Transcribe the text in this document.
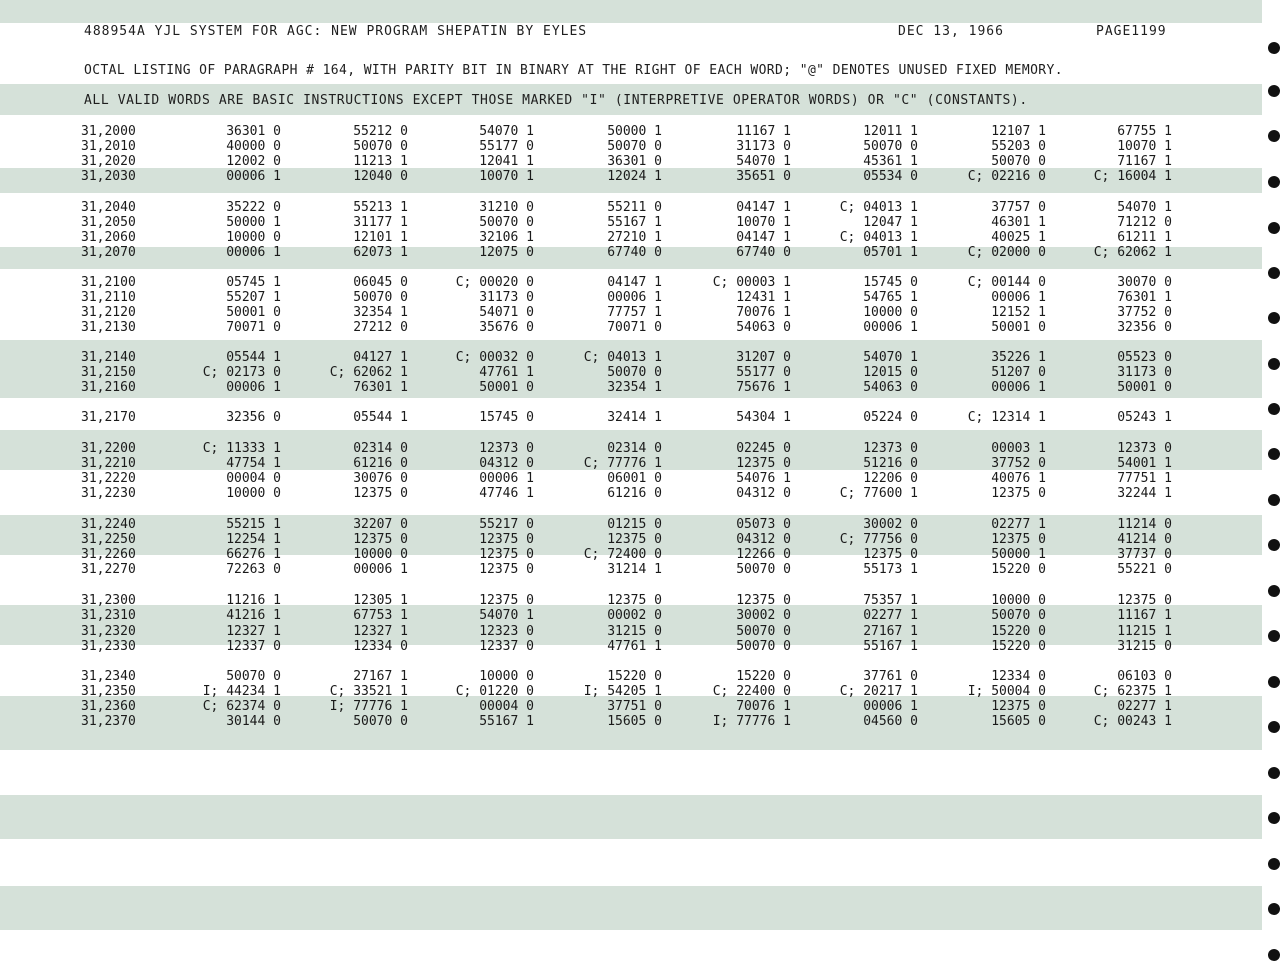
488954A YJL SYSTEM FOR AGC: NEW PROGRAM SHEPATIN BY EYLES	DEC 13, 1966	PAGE1199
OCTAL LISTING OF PARAGRAPH # 164, WITH PARITY BIT IN BINARY AT THE RIGHT OF EACH WORD; "@" DENOTES UNUSED FIXED MEMORY.
ALL VALID WORDS ARE BASIC INSTRUCTIONS EXCEPT THOSE MARKED "I" (INTERPRETIVE OPERATOR WORDS) OR "C" (CONSTANTS).
31,2000	36301 0	55212 0	54070 1	50000 1	11167 1	12011 1	12107 1	67755 1
31,2010	40000 0	50070 0	55177 0	50070 0	31173 0	50070 0	55203 0	10070 1
31,2020	12002 0	11213 1	12041 1	36301 0	54070 1	45361 1	50070 0	71167 1
31,2030	00006 1	12040 0	10070 1	12024 1	35651 0	05534 0	C; 02216 0	C; 16004 1
31,2040	35222 0	55213 1	31210 0	55211 0	04147 1	C; 04013 1	37757 0	54070 1
31,2050	50000 1	31177 1	50070 0	55167 1	10070 1	12047 1	46301 1	71212 0
31,2060	10000 0	12101 1	32106 1	27210 1	04147 1	C; 04013 1	40025 1	61211 1
31,2070	00006 1	62073 1	12075 0	67740 0	67740 0	05701 1	C; 02000 0	C; 62062 1
31,2100	05745 1	06045 0	C; 00020 0	04147 1	C; 00003 1	15745 0	C; 00144 0	30070 0
31,2110	55207 1	50070 0	31173 0	00006 1	12431 1	54765 1	00006 1	76301 1
31,2120	50001 0	32354 1	54071 0	77757 1	70076 1	10000 0	12152 1	37752 0
31,2130	70071 0	27212 0	35676 0	70071 0	54063 0	00006 1	50001 0	32356 0
31,2140	05544 1	04127 1	C; 00032 0	C; 04013 1	31207 0	54070 1	35226 1	05523 0
31,2150	C; 02173 0	C; 62062 1	47761 1	50070 0	55177 0	12015 0	51207 0	31173 0
31,2160	00006 1	76301 1	50001 0	32354 1	75676 1	54063 0	00006 1	50001 0
31,2170	32356 0	05544 1	15745 0	32414 1	54304 1	05224 0	C; 12314 1	05243 1
31,2200	C; 11333 1	02314 0	12373 0	02314 0	02245 0	12373 0	00003 1	12373 0
31,2210	47754 1	61216 0	04312 0	C; 77776 1	12375 0	51216 0	37752 0	54001 1
31,2220	00004 0	30076 0	00006 1	06001 0	54076 1	12206 0	40076 1	77751 1
31,2230	10000 0	12375 0	47746 1	61216 0	04312 0	C; 77600 1	12375 0	32244 1
31,2240	55215 1	32207 0	55217 0	01215 0	05073 0	30002 0	02277 1	11214 0
31,2250	12254 1	12375 0	12375 0	12375 0	04312 0	C; 77756 0	12375 0	41214 0
31,2260	66276 1	10000 0	12375 0	C; 72400 0	12266 0	12375 0	50000 1	37737 0
31,2270	72263 0	00006 1	12375 0	31214 1	50070 0	55173 1	15220 0	55221 0
31,2300	11216 1	12305 1	12375 0	12375 0	12375 0	75357 1	10000 0	12375 0
31,2310	41216 1	67753 1	54070 1	00002 0	30002 0	02277 1	50070 0	11167 1
31,2320	12327 1	12327 1	12323 0	31215 0	50070 0	27167 1	15220 0	11215 1
31,2330	12337 0	12334 0	12337 0	47761 1	50070 0	55167 1	15220 0	31215 0
31,2340	50070 0	27167 1	10000 0	15220 0	15220 0	37761 0	12334 0	06103 0
31,2350	I; 44234 1	C; 33521 1	C; 01220 0	I; 54205 1	C; 22400 0	C; 20217 1	I; 50004 0	C; 62375 1
31,2360	C; 62374 0	I; 77776 1	00004 0	37751 0	70076 1	00006 1	12375 0	02277 1
31,2370	30144 0	50070 0	55167 1	15605 0	I; 77776 1	04560 0	15605 0	C; 00243 1
